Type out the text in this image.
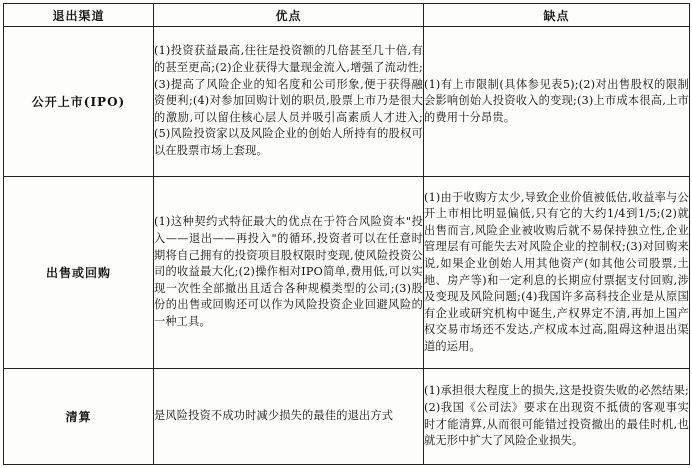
退出渠道	优点	缺点
公开上市(IPO)	(1)投资获益最高,往往是投资额的几倍甚至几十倍,有的甚至更高;(2)企业获得大量现金流入,增强了流动性;(3)提高了风险企业的知名度和公司形象,便于获得融资便利;(4)对参加回购计划的职员,股票上市乃是很大的激励,可以留住核心层人员并吸引高素质人才进入;(5)风险投资家以及风险企业的创始人所持有的股权可以在股票市场上套现。	(1)有上市限制(具体参见表5);(2)对出售股权的限制会影响创始人投资收入的变现;(3)上市成本很高,上市的费用十分昂贵。
出售或回购	(1)这种契约式特征最大的优点在于符合风险资本"投入——退出——再投入"的循环,投资者可以在任意时期将自己拥有的投资项目股权限时变现,使风险投资公司的收益最大化;(2)操作相对IPO简单,费用低,可以实现一次性全部撤出且适合各种规模类型的公司;(3)股份的出售或回购还可以作为风险投资企业回避风险的一种工具。	(1)由于收购方太少,导致企业价值被低估,收益率与公开上市相比明显偏低,只有它的大约1/4到1/5;(2)就出售而言,风险企业被收购后就不易保持独立性,企业管理层有可能失去对风险企业的控制权;(3)对回购来说,如果企业创始人用其他资产(如其他公司股票,土地、房产等)和一定利息的长期应付票据支付回购,涉及变现及风险问题;(4)我国许多高科技企业是从原国有企业或研究机构中诞生,产权界定不清,再加上国产权交易市场还不发达,产权成本过高,阻碍这种退出渠道的运用。
清算	是风险投资不成功时减少损失的最佳的退出方式	(1)承担很大程度上的损失,这是投资失败的必然结果;(2)我国《公司法》要求在出现资不抵债的客观事实时才能清算,从而很可能错过投资撤出的最佳时机,也就无形中扩大了风险企业损失。
